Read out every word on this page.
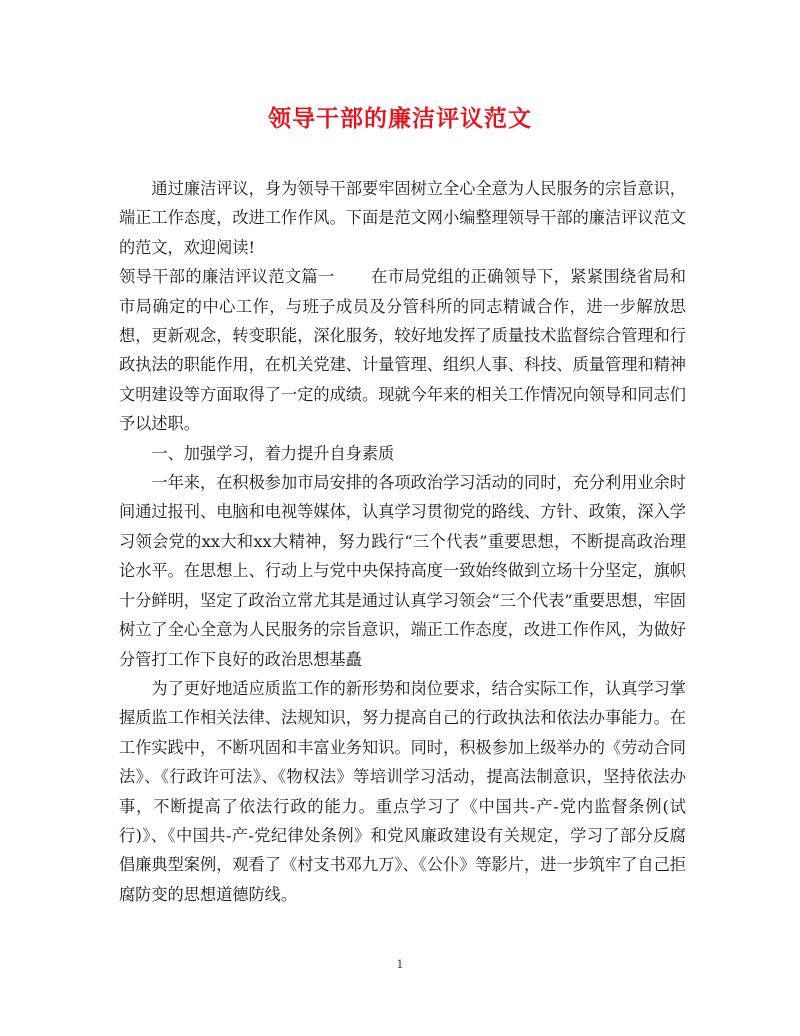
领导干部的廉洁评议范文

通过廉洁评议，身为领导干部要牢固树立全心全意为人民服务的宗旨意识，端正工作态度，改进工作作风。下面是范文网小编整理领导干部的廉洁评议范文的范文，欢迎阅读!

领导干部的廉洁评议范文篇一 在市局党组的正确领导下，紧紧围绕省局和市局确定的中心工作，与班子成员及分管科所的同志精诚合作，进一步解放思想，更新观念，转变职能，深化服务，较好地发挥了质量技术监督综合管理和行政执法的职能作用，在机关党建、计量管理、组织人事、科技、质量管理和精神文明建设等方面取得了一定的成绩。现就今年来的相关工作情况向领导和同志们予以述职。

一、加强学习，着力提升自身素质

一年来，在积极参加市局安排的各项政治学习活动的同时，充分利用业余时间通过报刊、电脑和电视等媒体，认真学习贯彻党的路线、方针、政策，深入学习领会党的xx大和xx大精神，努力践行“三个代表”重要思想，不断提高政治理论水平。在思想上、行动上与党中央保持高度一致始终做到立场十分坚定，旗帜十分鲜明，坚定了政治立常尤其是通过认真学习领会“三个代表”重要思想，牢固树立了全心全意为人民服务的宗旨意识，端正工作态度，改进工作作风，为做好分管打工作下良好的政治思想基矗

为了更好地适应质监工作的新形势和岗位要求，结合实际工作，认真学习掌握质监工作相关法律、法规知识，努力提高自己的行政执法和依法办事能力。在工作实践中，不断巩固和丰富业务知识。同时，积极参加上级举办的《劳动合同法》、《行政许可法》、《物权法》等培训学习活动，提高法制意识，坚持依法办事，不断提高了依法行政的能力。重点学习了《中国共-产-党内监督条例(试行)》、《中国共-产-党纪律处条例》和党风廉政建设有关规定，学习了部分反腐倡廉典型案例，观看了《村支书邓九万》、《公仆》等影片，进一步筑牢了自己拒腐防变的思想道德防线。

1
